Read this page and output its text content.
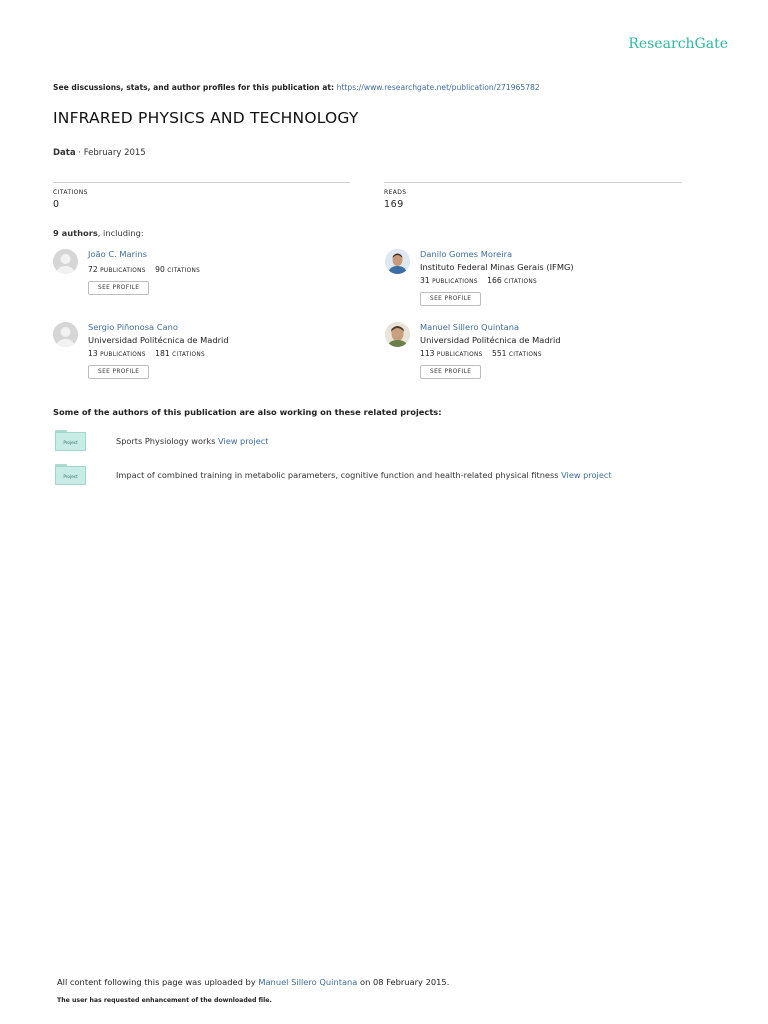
ResearchGate
See discussions, stats, and author profiles for this publication at: https://www.researchgate.net/publication/271965782
INFRARED PHYSICS AND TECHNOLOGY
Data · February 2015
CITATIONS
0
READS
169
9 authors, including:
João C. Marins
72 PUBLICATIONS 90 CITATIONS
SEE PROFILE
Danilo Gomes Moreira
Instituto Federal Minas Gerais (IFMG)
31 PUBLICATIONS 166 CITATIONS
SEE PROFILE
Sergio Piñonosa Cano
Universidad Politécnica de Madrid
13 PUBLICATIONS 181 CITATIONS
SEE PROFILE
Manuel Sillero Quintana
Universidad Politécnica de Madrid
113 PUBLICATIONS 551 CITATIONS
SEE PROFILE
Some of the authors of this publication are also working on these related projects:
Project	Sports Physiology works View project
Project	Impact of combined training in metabolic parameters, cognitive function and health-related physical fitness View project
All content following this page was uploaded by Manuel Sillero Quintana on 08 February 2015.
The user has requested enhancement of the downloaded file.
